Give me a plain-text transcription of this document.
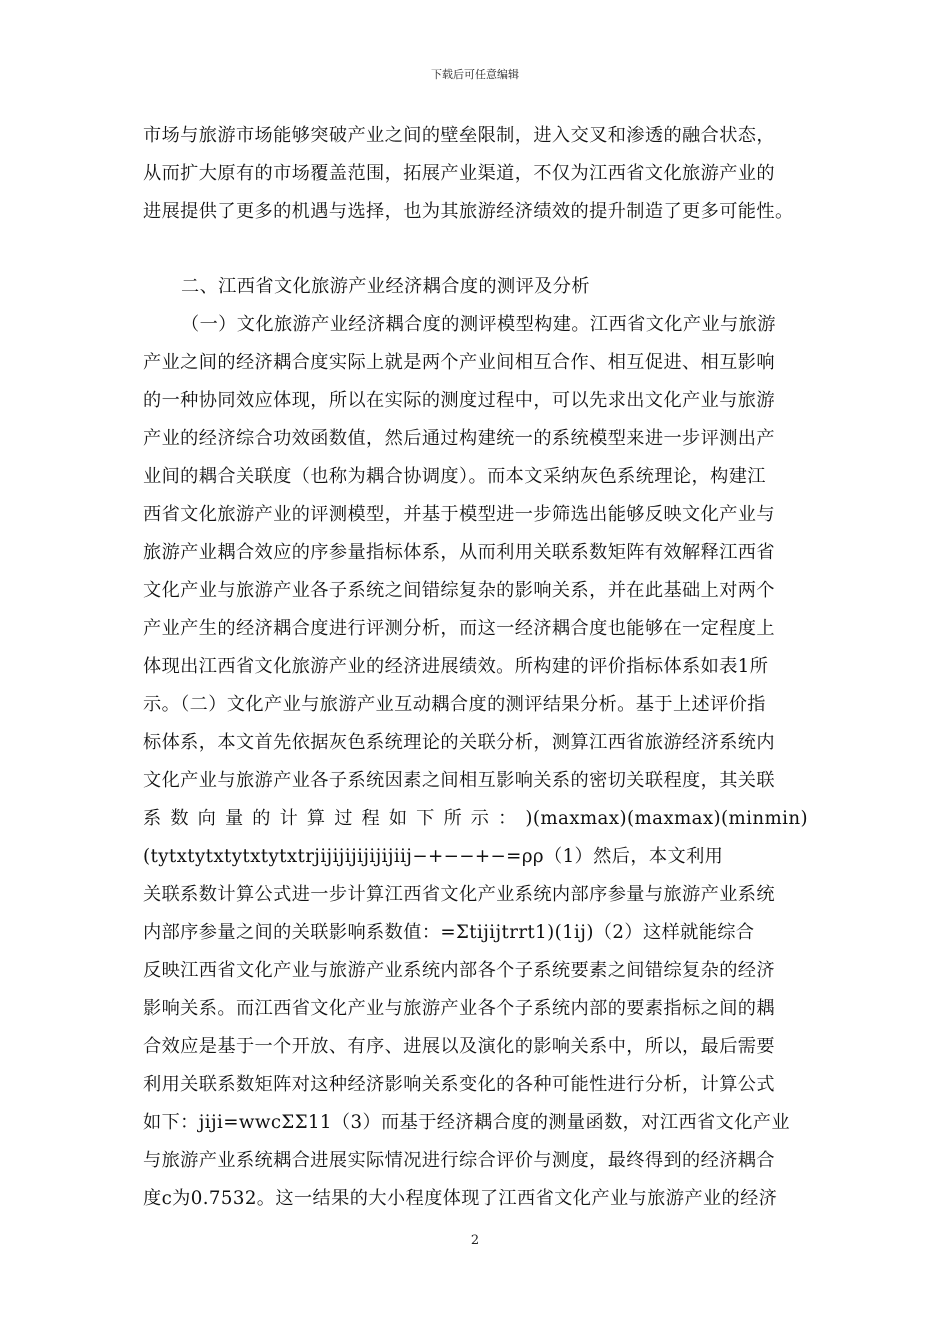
下载后可任意编辑
市场与旅游市场能够突破产业之间的壁垒限制，进入交叉和渗透的融合状态，
从而扩大原有的市场覆盖范围，拓展产业渠道，不仅为江西省文化旅游产业的
进展提供了更多的机遇与选择，也为其旅游经济绩效的提升制造了更多可能性。
二、江西省文化旅游产业经济耦合度的测评及分析
（一）文化旅游产业经济耦合度的测评模型构建。江西省文化产业与旅游
产业之间的经济耦合度实际上就是两个产业间相互合作、相互促进、相互影响
的一种协同效应体现，所以在实际的测度过程中，可以先求出文化产业与旅游
产业的经济综合功效函数值，然后通过构建统一的系统模型来进一步评测出产
业间的耦合关联度（也称为耦合协调度）。而本文采纳灰色系统理论，构建江
西省文化旅游产业的评测模型，并基于模型进一步筛选出能够反映文化产业与
旅游产业耦合效应的序参量指标体系，从而利用关联系数矩阵有效解释江西省
文化产业与旅游产业各子系统之间错综复杂的影响关系，并在此基础上对两个
产业产生的经济耦合度进行评测分析，而这一经济耦合度也能够在一定程度上
体现出江西省文化旅游产业的经济进展绩效。所构建的评价指标体系如表1所
示。（二）文化产业与旅游产业互动耦合度的测评结果分析。基于上述评价指
标体系，本文首先依据灰色系统理论的关联分析，测算江西省旅游经济系统内
文化产业与旅游产业各子系统因素之间相互影响关系的密切关联程度，其关联
系 数 向 量 的 计 算 过 程 如 下 所 示 ： )(maxmax)(maxmax)(minmin)
(tytxtytxtytxtytxtrjijijijijijijiij−+−−+−=ρρ（1）然后，本文利用
关联系数计算公式进一步计算江西省文化产业系统内部序参量与旅游产业系统
内部序参量之间的关联影响系数值：=Σtijijtrrt1)(1ij)（2）这样就能综合
反映江西省文化产业与旅游产业系统内部各个子系统要素之间错综复杂的经济
影响关系。而江西省文化产业与旅游产业各个子系统内部的要素指标之间的耦
合效应是基于一个开放、有序、进展以及演化的影响关系中，所以，最后需要
利用关联系数矩阵对这种经济影响关系变化的各种可能性进行分析，计算公式
如下：jiji=wwcΣΣ11（3）而基于经济耦合度的测量函数，对江西省文化产业
与旅游产业系统耦合进展实际情况进行综合评价与测度，最终得到的经济耦合
度c为0.7532。这一结果的大小程度体现了江西省文化产业与旅游产业的经济
2
